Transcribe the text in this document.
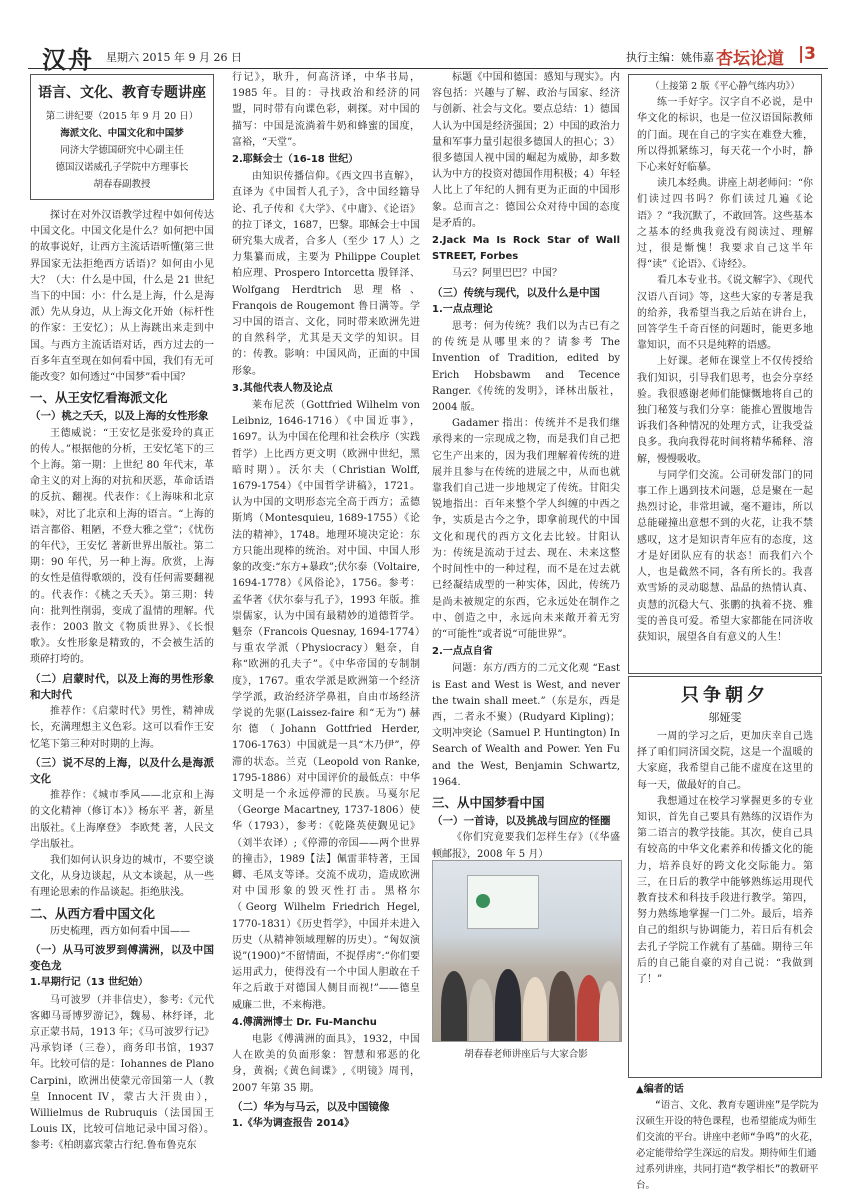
汉舟 星期六 2015 年 9 月 26 日	执行主编：姚伟嘉 杏坛论道 |3
语言、文化、教育专题讲座
第二讲纪要（2015 年 9 月 20 日）
海派文化、中国文化和中国梦
同济大学德国研究中心副主任
德国汉诺威孔子学院中方理事长
胡春春副教授

探讨在对外汉语教学过程中如何传达中国文化。中国文化是什么？如何把中国的故事说好，让西方主流话语听懂(第三世界国家无法拒绝西方话语)？如何由小见大？（大：什么是中国，什么是 21 世纪当下的中国：小：什么是上海，什么是海派）先从身边，从上海文化开始（标杆性的作家：王安忆）；从上海跳出来走到中国。与西方主流话语对话，西方过去的一百多年直至现在如何看中国，我们有无可能改变？如何透过“中国梦”看中国？

一、从王安忆看海派文化
（一）桃之夭夭，以及上海的女性形象

王德威说：“王安忆是张爱玲的真正的传人。”根据他的分析，王安忆笔下的三个上海。第一期：上世纪 80 年代末，革命主义的对上海的对抗和厌恶，革命话语的反抗、翻视。代表作：《上海味和北京味》，对比了北京和上海的语言。“上海的语言都俗、粗陋，不登大雅之堂”；《忧伤的年代》，王安忆 著新世界出版社。第二期：90 年代，另一种上海。欣赏，上海的女性是值得歌颂的，没有任何需要翻视的。代表作：《桃之夭夭》。第三期：转向：批判性削弱，变成了温情的理解。代表作：2003 散文《物质世界》、《长恨歌》。女性形象是精致的，不会被生活的琐碎打垮的。

（二）启蒙时代，以及上海的男性形象和大时代

推荐作：《启蒙时代》男性，精神成长，充满理想主义色彩。这可以看作王安忆笔下第三种对时期的上海。

（三）说不尽的上海，以及什么是海派文化

推荐作：《城市季风——北京和上海的文化精神（修订本）》杨东平 著，新星出版社。《上海摩登》 李欧梵 著，人民文学出版社。

我们如何认识身边的城市，不要空谈文化，从身边谈起，从文本谈起，从一些有理论思索的作品谈起。拒绝肤浅。

二、从西方看中国文化

历史梳理，西方如何看中国——

（一）从马可波罗到傅满洲，以及中国变色龙
1.早期行记（13 世纪始）

马可波罗（并非信史），参考:《元代客卿马哥博罗游记》，魏易、林纾译，北京正蒙书局，1913 年；《马可波罗行记》冯承钧译（三卷），商务印书馆，1937 年。比较可信的是：Iohannes de Plano Carpini，欧洲出使蒙元帝国第一人（教皇 Innocent IV，蒙古大汗贵由），Willielmus de Rubruquis（法国国王 Louis IX，比较可信地记录中国习俗）。参考:《柏朗嘉宾蒙古行纪.鲁布鲁克东

行记》，耿升，何高济译，中华书局，1985 年。目的：寻找政治和经济的同盟，同时带有向谍色彩，刺探。对中国的描写：中国是流淌着牛奶和蜂蜜的国度，富裕，“天堂”。

2.耶稣会士（16-18 世纪）

由知识传播信仰。《西文四书直解》，直译为《中国哲人孔子》，含中国经籍导论、孔子传和《大学》、《中庸》、《论语》的拉丁译文，1687，巴黎。耶稣会士中国研究集大成者，合多人（至少 17 人）之力集纂而成，主要为 Philippe Couplet 柏应理、Prospero Intorcetta 殷铎泽、Wolfgang Herdtrich 思理格、Franqois de Rougemont 鲁日满等。学习中国的语言、文化，同时带来欧洲先进的自然科学，尤其是天文学的知识。目的：传教。影响：中国风尚，正面的中国形象。

3.其他代表人物及论点

莱布尼茨（Gottfried Wilhelm von Leibniz, 1646-1716）《中国近事》，1697。认为中国在伦理和社会秩序（实践哲学）上比西方更文明（欧洲中世纪，黑暗时期）。沃尔夫（Christian Wolff, 1679-1754）《中国哲学讲稿》，1721。认为中国的文明形态完全高于西方；孟德斯鸠（Montesquieu, 1689-1755）《论法的精神》，1748。地理环境决定论：东方只能出现棒的统治。对中国、中国人形象的改变:“东方+暴政”;伏尔泰（Voltaire, 1694-1778）《风俗论》，1756。参考：孟华著《伏尔泰与孔子》，1993 年版。推崇儒家，认为中国有最精妙的道德哲学。魁奈（Francois Quesnay, 1694-1774）与重农学派（Physiocracy）魁奈，自称“欧洲的孔夫子”。《中华帝国的专制制度》，1767。重农学派是欧洲第一个经济学学派，政治经济学鼻祖，自由市场经济学说的先驱(Laissez-faire 和“无为”) 赫尔德（Johann Gottfried Herder, 1706-1763）中国就是一具“木乃伊”，停滞的状态。兰克（Leopold von Ranke, 1795-1886）对中国评价的最低点：中华文明是一个永远停滞的民族。马戛尔尼（George Macartney, 1737-1806）使华（1793），参考：《乾隆英使觐见记》（刘半农译）;《停滞的帝国——两个世界的撞击》，1989【法】佩雷菲特著，王国卿、毛凤支等译。交流不成功，造成欧洲对中国形象的毁灭性打击。黑格尔（Georg Wilhelm Friedrich Hegel, 1770-1831）《历史哲学》，中国并未进入历史（从精神领域理解的历史）。“匈奴演说”(1900)“不留情面，不捉俘虏”:“你们要运用武力，使得没有一个中国人胆敢在千年之后敢于对德国人侧目而视!”——德皇威廉二世，不来梅港。

4.傅满洲博士 Dr. Fu-Manchu

电影《傅满洲的面具》，1932，中国人在欧美的负面形象：智慧和邪恶的化身，黄祸;《黄色间谍》,《明镜》周刊，2007 年第 35 期。

（二）华为与马云，以及中国镜像
1.《华为调查报告 2014》

标题《中国和德国：感知与现实》。内容包括：兴趣与了解、政治与国家、经济与创新、社会与文化。要点总结：1）德国人认为中国是经济强国；2）中国的政治力量和军事力量引起很多德国人的担心；3）很多德国人视中国的崛起为威胁，却多数认为中方的投资对德国作用积极；4）年轻人比上了年纪的人拥有更为正面的中国形象。总而言之：德国公众对待中国的态度是矛盾的。

2.Jack Ma Is Rock Star of Wall STREET, Forbes

马云？阿里巴巴？中国？

（三）传统与现代，以及什么是中国
1.一点点理论

思考：何为传统？我们以为古已有之的传统是从哪里来的？请参考 The Invention of Tradition, edited by Erich Hobsbawm and Tecence Ranger.《传统的发明》，译林出版社，2004 版。

Gadamer 指出：传统并不是我们继承得来的一宗现成之物，而是我们自己把它生产出来的，因为我们理解着传统的进展并且参与在传统的进展之中，从而也就靠我们自己进一步地规定了传统。甘阳尖锐地指出：百年来整个学人纠缠的中西之争，实质是古今之争，即拿前现代的中国文化和现代的西方文化去比较。甘阳认为：传统是流动于过去、现在、未来这整个时间性中的一种过程，而不是在过去就已经凝结成型的一种实体，因此，传统乃是尚未被规定的东西，它永远处在制作之中、创造之中，永远向未来敞开着无穷的“可能性”或者说“可能世界”。

2.一点点自省

问题：东方/西方的二元文化观 “East is East and West is West, and never the twain shall meet.”（东是东，西是西，二者永不聚）(Rudyard Kipling)；文明冲突论（Samuel P. Huntington) In Search of Wealth and Power. Yen Fu and the West, Benjamin Schwartz, 1964.

三、从中国梦看中国
（一）一首诗，以及挑战与回应的怪圈

《你们究竟要我们怎样生存》（《华盛顿邮报》，2008 年 5 月）

胡春春老师讲座后与大家合影
（上接第 2 版《平心静气练内功》）

练一手好字。汉字自不必说，是中华文化的标识，也是一位汉语国际教师的门面。现在自己的字实在难登大雅，所以得抓紧练习，每天花一个小时，静下心来好好临摹。

读几本经典。讲座上胡老师问：“你们读过四书吗？你们读过几遍《论语》？”我沉默了，不敢回答。这些基本之基本的经典我竟没有阅读过、理解过，很是惭愧！我要求自己这半年得“读”《论语》、《诗经》。

看几本专业书。《说文解字》、《现代汉语八百词》等，这些大家的专著是我的给养，我希望当我之后站在讲台上，回答学生千奇百怪的问题时，能更多地靠知识，而不只是纯粹的语感。

上好课。老师在课堂上不仅传授给我们知识，引导我们思考，也会分享经验。我很感谢老师们能慷慨地将自己的独门秘笈与我们分享：能推心置腹地告诉我们各种情况的处理方式，让我受益良多。我向我得花时间将精华稀释、溶解，慢慢吸收。

与同学们交流。公司研发部门的同事工作上遇到技术问题，总是聚在一起热烈讨论，非常坦诚，毫不避讳，所以总能碰撞出意想不到的火花，让我不禁感叹，这才是知识青年应有的态度，这才是好团队应有的状态！而我们六个人，也是截然不同，各有所长的。我喜欢雪矫的灵动聪慧、晶晶的热情认真、贞慧的沉稳大气、张鹏的执着不挠、雅雯的善良可爱。希望大家都能在同济收获知识，展望各自有意义的人生！

只争朝夕
邬娅雯

一周的学习之后，更加庆幸自己选择了咱们同济国交院，这是一个温暖的大家庭，我希望自己能不虚度在这里的每一天，做最好的自己。

我想通过在校学习掌握更多的专业知识，首先自己要具有熟练的汉语作为第二语言的教学技能。其次，使自己具有较高的中华文化素养和传播文化的能力，培养良好的跨文化交际能力。第三，在日后的教学中能够熟练运用现代教育技术和科技手段进行教学。第四，努力熟练地掌握一门二外。最后，培养自己的组织与协调能力，若日后有机会去孔子学院工作就有了基础。期待三年后的自己能自豪的对自己说：“我做到了！”

▲编者的话

“语言、文化、教育专题讲座”是学院为汉硕生开设的特色课程，也希望能成为师生们交流的平台。讲座中老师“争鸣”的火花，必定能带给学生深远的启发。期待师生们通过系列讲座，共同打造“教学相长”的教研平台。
